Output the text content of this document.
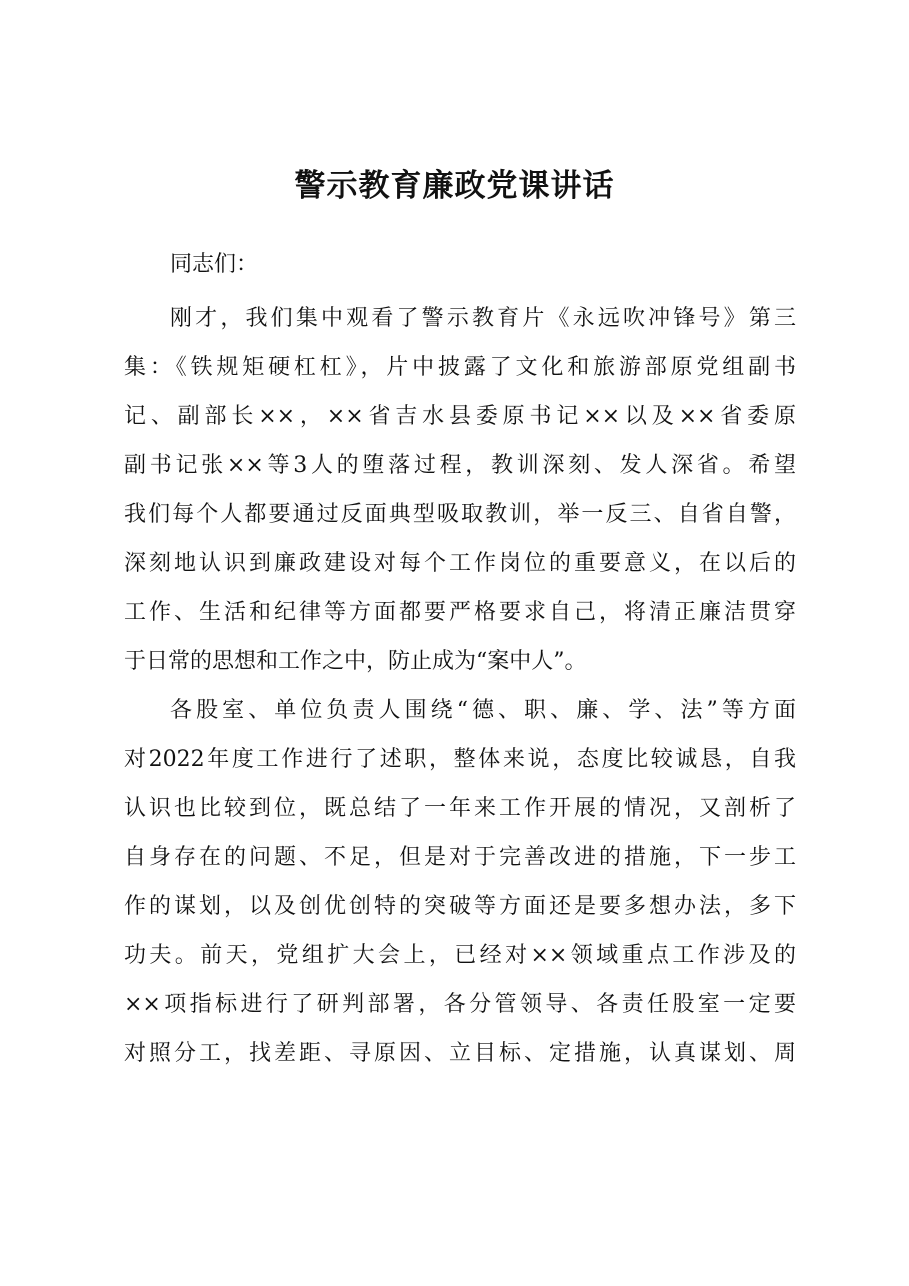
警示教育廉政党课讲话
同志们：
刚才，我们集中观看了警示教育片《永远吹冲锋号》第三
集：《铁规矩硬杠杠》，片中披露了文化和旅游部原党组副书
记、副部长××，××省吉水县委原书记××以及××省委原
副书记张××等3人的堕落过程，教训深刻、发人深省。希望
我们每个人都要通过反面典型吸取教训，举一反三、自省自警，
深刻地认识到廉政建设对每个工作岗位的重要意义，在以后的
工作、生活和纪律等方面都要严格要求自己，将清正廉洁贯穿
于日常的思想和工作之中，防止成为“案中人”。
各股室、单位负责人围绕“德、职、廉、学、法”等方面
对2022年度工作进行了述职，整体来说，态度比较诚恳，自我
认识也比较到位，既总结了一年来工作开展的情况，又剖析了
自身存在的问题、不足，但是对于完善改进的措施，下一步工
作的谋划，以及创优创特的突破等方面还是要多想办法，多下
功夫。前天，党组扩大会上，已经对××领域重点工作涉及的
××项指标进行了研判部署，各分管领导、各责任股室一定要
对照分工，找差距、寻原因、立目标、定措施，认真谋划、周
